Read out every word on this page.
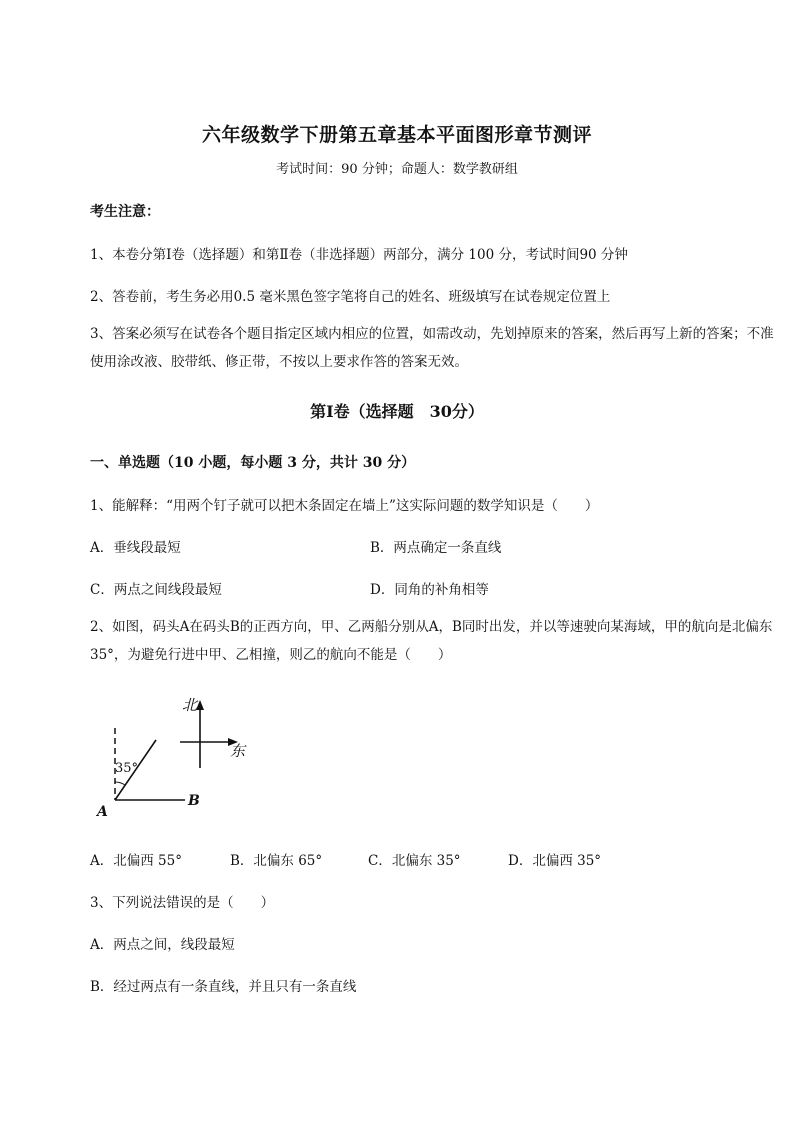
六年级数学下册第五章基本平面图形章节测评
考试时间：90 分钟；命题人：数学教研组
考生注意：
1、本卷分第Ⅰ卷（选择题）和第Ⅱ卷（非选择题）两部分，满分 100 分，考试时间90 分钟
2、答卷前，考生务必用0.5 毫米黑色签字笔将自己的姓名、班级填写在试卷规定位置上
3、答案必须写在试卷各个题目指定区域内相应的位置，如需改动，先划掉原来的答案，然后再写上新的答案；不准使用涂改液、胶带纸、修正带，不按以上要求作答的答案无效。
第Ⅰ卷（选择题　30分）
一、单选题（10 小题，每小题 3 分，共计 30 分）
1、能解释：“用两个钉子就可以把木条固定在墙上”这实际问题的数学知识是（　　）
A．垂线段最短	B．两点确定一条直线
C．两点之间线段最短	D．同角的补角相等
2、如图，码头A在码头B的正西方向，甲、乙两船分别从A，B同时出发，并以等速驶向某海域，甲的航向是北偏东35°，为避免行进中甲、乙相撞，则乙的航向不能是（　　）
北
东
35°
A
B
A．北偏西 55°	B．北偏东 65°	C．北偏东 35°	D．北偏西 35°
3、下列说法错误的是（　　）
A．两点之间，线段最短
B．经过两点有一条直线，并且只有一条直线
